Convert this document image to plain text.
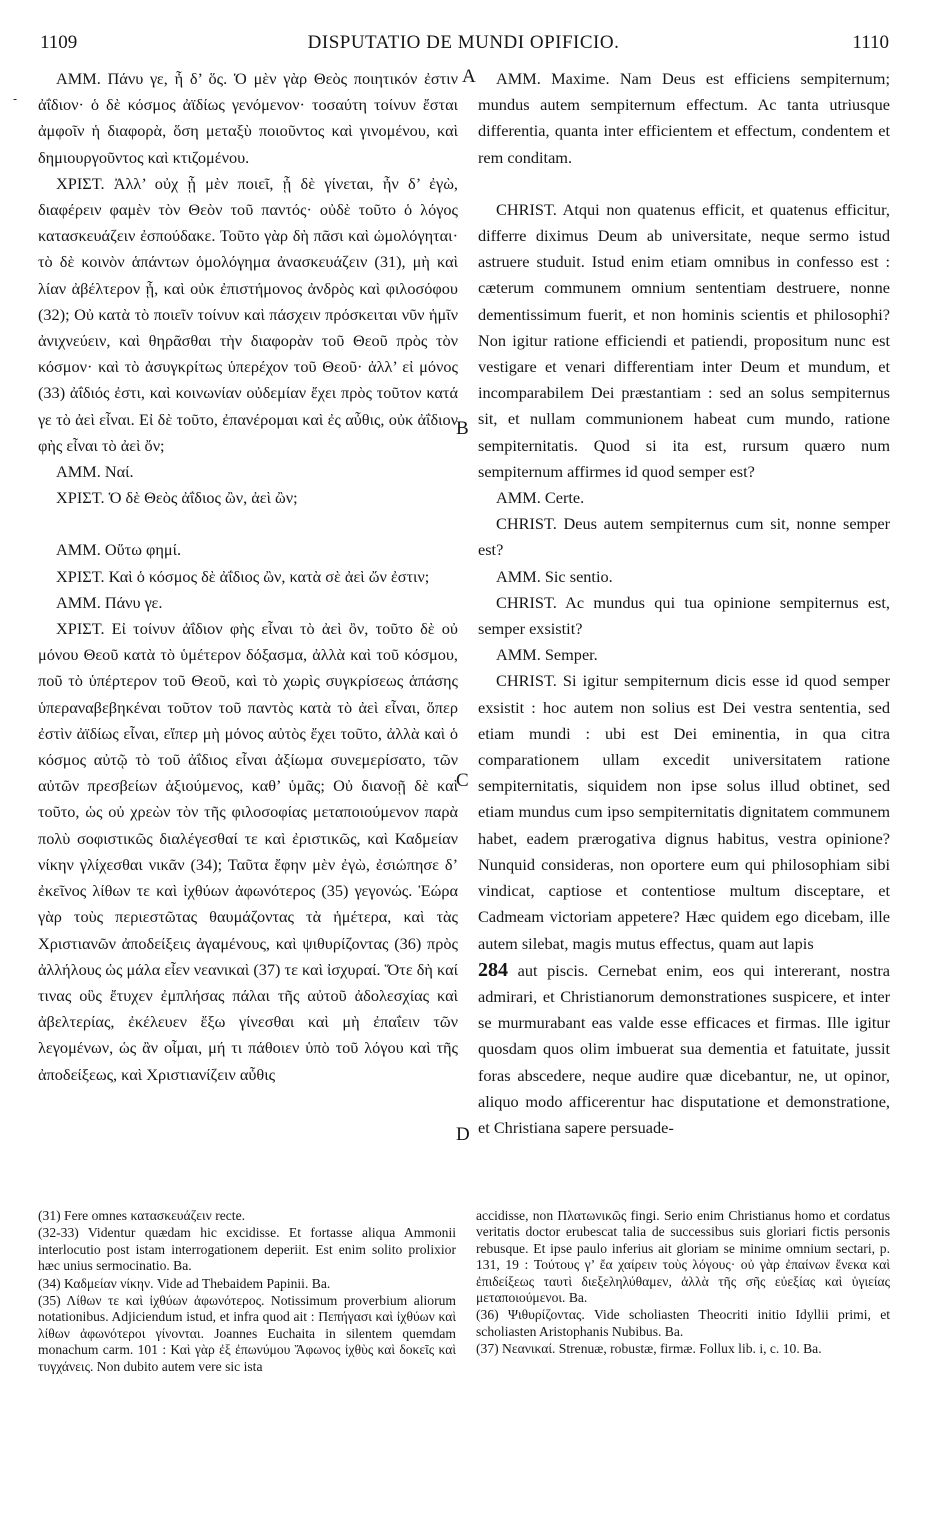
1109	DISPUTATIO DE MUNDI OPIFICIO.	1110
-

ΑΜΜ. Πάνυ γε, ἦ δ’ ὅς. Ὁ μὲν γὰρ Θεὸς ποιητικόν ἐστιν ἀΐδιον· ὁ δὲ κόσμος ἀϊδίως γενόμενον· τοσαύτη τοίνυν ἔσται ἀμφοῖν ἡ διαφορὰ, ὅση μεταξὺ ποιοῦντος καὶ γινομένου, καὶ δημιουργοῦντος καὶ κτιζομένου.

ΧΡΙΣΤ. Ἀλλ’ οὐχ ᾗ μὲν ποιεῖ, ᾗ δὲ γίνεται, ἦν δ’ ἐγὼ, διαφέρειν φαμὲν τὸν Θεὸν τοῦ παντός· οὐδὲ τοῦτο ὁ λόγος κατασκευάζειν ἐσπούδακε. Τοῦτο γὰρ δὴ πᾶσι καὶ ὡμολόγηται· τὸ δὲ κοινὸν ἁπάντων ὁμολόγημα ἀνασκευάζειν (31), μὴ καὶ λίαν ἀβέλτερον ᾖ, καὶ οὐκ ἐπιστήμονος ἀνδρὸς καὶ φιλοσόφου (32); Οὐ κατὰ τὸ ποιεῖν τοίνυν καὶ πάσχειν πρόσκειται νῦν ἡμῖν ἀνιχνεύειν, καὶ θηρᾶσθαι τὴν διαφορὰν τοῦ Θεοῦ πρὸς τὸν κόσμον· καὶ τὸ ἀσυγκρίτως ὑπερέχον τοῦ Θεοῦ· ἀλλ’ εἰ μόνος (33) ἀΐδιός ἐστι, καὶ κοινωνίαν οὐδεμίαν ἔχει πρὸς τοῦτον κατά γε τὸ ἀεὶ εἶναι. Εἰ δὲ τοῦτο, ἐπανέρομαι καὶ ἐς αὖθις, οὐκ ἀΐδιον φὴς εἶναι τὸ ἀεὶ ὄν;

ΑΜΜ. Ναί.

ΧΡΙΣΤ. Ὁ δὲ Θεὸς ἀΐδιος ὢν, ἀεὶ ὢν;

ΑΜΜ. Οὕτω φημί.

ΧΡΙΣΤ. Καὶ ὁ κόσμος δὲ ἀΐδιος ὢν, κατὰ σὲ ἀεὶ ὤν ἐστιν;

ΑΜΜ. Πάνυ γε.

ΧΡΙΣΤ. Εἰ τοίνυν ἀΐδιον φὴς εἶναι τὸ ἀεὶ ὂν, τοῦτο δὲ οὐ μόνου Θεοῦ κατὰ τὸ ὑμέτερον δόξασμα, ἀλλὰ καὶ τοῦ κόσμου, ποῦ τὸ ὑπέρτερον τοῦ Θεοῦ, καὶ τὸ χωρὶς συγκρίσεως ἁπάσης ὑπεραναβεβηκέναι τοῦτον τοῦ παντὸς κατὰ τὸ ἀεὶ εἶναι, ὅπερ ἐστὶν ἀϊδίως εἶναι, εἴπερ μὴ μόνος αὐτὸς ἔχει τοῦτο, ἀλλὰ καὶ ὁ κόσμος αὐτῷ τὸ τοῦ ἀΐδιος εἶναι ἀξίωμα συνεμερίσατο, τῶν αὐτῶν πρεσβείων ἀξιούμενος, καθ’ ὑμᾶς; Οὐ διανοῇ δὲ καὶ τοῦτο, ὡς οὐ χρεὼν τὸν τῆς φιλοσοφίας μεταποιούμενον παρὰ πολὺ σοφιστικῶς διαλέγεσθαί τε καὶ ἐριστικῶς, καὶ Καδμείαν νίκην γλίχεσθαι νικᾶν (34); Ταῦτα ἔφην μὲν ἐγὼ, ἐσιώπησε δ’ ἐκεῖνος λίθων τε καὶ ἰχθύων ἀφωνότερος (35) γεγονώς. Ἑώρα γὰρ τοὺς περιεστῶτας θαυμάζοντας τὰ ἡμέτερα, καὶ τὰς Χριστιανῶν ἀποδείξεις ἀγαμένους, καὶ ψιθυρίζοντας (36) πρὸς ἀλλήλους ὡς μάλα εἶεν νεανικαὶ (37) τε καὶ ἰσχυραί. Ὅτε δὴ καί τινας οὓς ἔτυχεν ἐμπλήσας πάλαι τῆς αὐτοῦ ἀδολεσχίας καὶ ἀβελτερίας, ἐκέλευεν ἔξω γίνεσθαι καὶ μὴ ἐπαΐειν τῶν λεγομένων, ὡς ἂν οἶμαι, μή τι πάθοιεν ὑπὸ τοῦ λόγου καὶ τῆς ἀποδείξεως, καὶ Χριστιανίζειν αὖθις

A
B
C
D

AMM. Maxime. Nam Deus est efficiens sempiternum; mundus autem sempiternum effectum. Ac tanta utriusque differentia, quanta inter efficientem et effectum, condentem et rem conditam.

CHRIST. Atqui non quatenus efficit, et quatenus efficitur, differre diximus Deum ab universitate, neque sermo istud astruere studuit. Istud enim etiam omnibus in confesso est : cæterum communem omnium sententiam destruere, nonne dementissimum fuerit, et non hominis scientis et philosophi? Non igitur ratione efficiendi et patiendi, propositum nunc est vestigare et venari differentiam inter Deum et mundum, et incomparabilem Dei præstantiam : sed an solus sempiternus sit, et nullam communionem habeat cum mundo, ratione sempiternitatis. Quod si ita est, rursum quæro num sempiternum affirmes id quod semper est?

AMM. Certe.

CHRIST. Deus autem sempiternus cum sit, nonne semper est?

AMM. Sic sentio.

CHRIST. Ac mundus qui tua opinione sempiternus est, semper exsistit?

AMM. Semper.

CHRIST. Si igitur sempiternum dicis esse id quod semper exsistit : hoc autem non solius est Dei vestra sententia, sed etiam mundi : ubi est Dei eminentia, in qua citra comparationem ullam excedit universitatem ratione sempiternitatis, siquidem non ipse solus illud obtinet, sed etiam mundus cum ipso sempiternitatis dignitatem communem habet, eadem prærogativa dignus habitus, vestra opinione? Nunquid consideras, non oportere eum qui philosophiam sibi vindicat, captiose et contentiose multum disceptare, et Cadmeam victoriam appetere? Hæc quidem ego dicebam, ille autem silebat, magis mutus effectus, quam aut lapis

284 aut piscis. Cernebat enim, eos qui intererant, nostra admirari, et Christianorum demonstrationes suspicere, et inter se murmurabant eas valde esse efficaces et firmas. Ille igitur quosdam quos olim imbuerat sua dementia et fatuitate, jussit foras abscedere, neque audire quæ dicebantur, ne, ut opinor, aliquo modo afficerentur hac disputatione et demonstratione, et Christiana sapere persuade-

(31) Fere omnes κατασκευάζειν recte.

(32-33) Videntur quædam hic excidisse. Et fortasse aliqua Ammonii interlocutio post istam interrogationem deperiit. Est enim solito prolixior hæc unius sermocinatio. Ba.

(34) Καδμείαν νίκην. Vide ad Thebaidem Papinii. Ba.

(35) Λίθων τε καὶ ἰχθύων ἀφωνότερος. Notissimum proverbium aliorum notationibus. Adjiciendum istud, et infra quod ait : Πεπήγασι καὶ ἰχθύων καὶ λίθων ἀφωνότεροι γίνονται. Joannes Euchaita in silentem quemdam monachum carm. 101 : Καὶ γὰρ ἐξ ἐπωνύμου Ἄφωνος ἰχθὺς καὶ δοκεῖς καὶ τυγχάνεις. Non dubito autem vere sic ista

accidisse, non Πλατωνικῶς fingi. Serio enim Christianus homo et cordatus veritatis doctor erubescat talia de successibus suis gloriari fictis personis rebusque. Et ipse paulo inferius ait gloriam se minime omnium sectari, p. 131, 19 : Τούτους γ’ ἔα χαίρειν τοὺς λόγους· οὐ γὰρ ἐπαίνων ἕνεκα καὶ ἐπιδείξεως ταυτὶ διεξεληλύθαμεν, ἀλλὰ τῆς σῆς εὐεξίας καὶ ὑγιείας μεταποιούμενοι. Ba.

(36) Ψιθυρίζοντας. Vide scholiasten Theocriti initio Idyllii primi, et scholiasten Aristophanis Nubibus. Ba.

(37) Νεανικαί. Strenuæ, robustæ, firmæ. Follux lib. i, c. 10. Ba.
